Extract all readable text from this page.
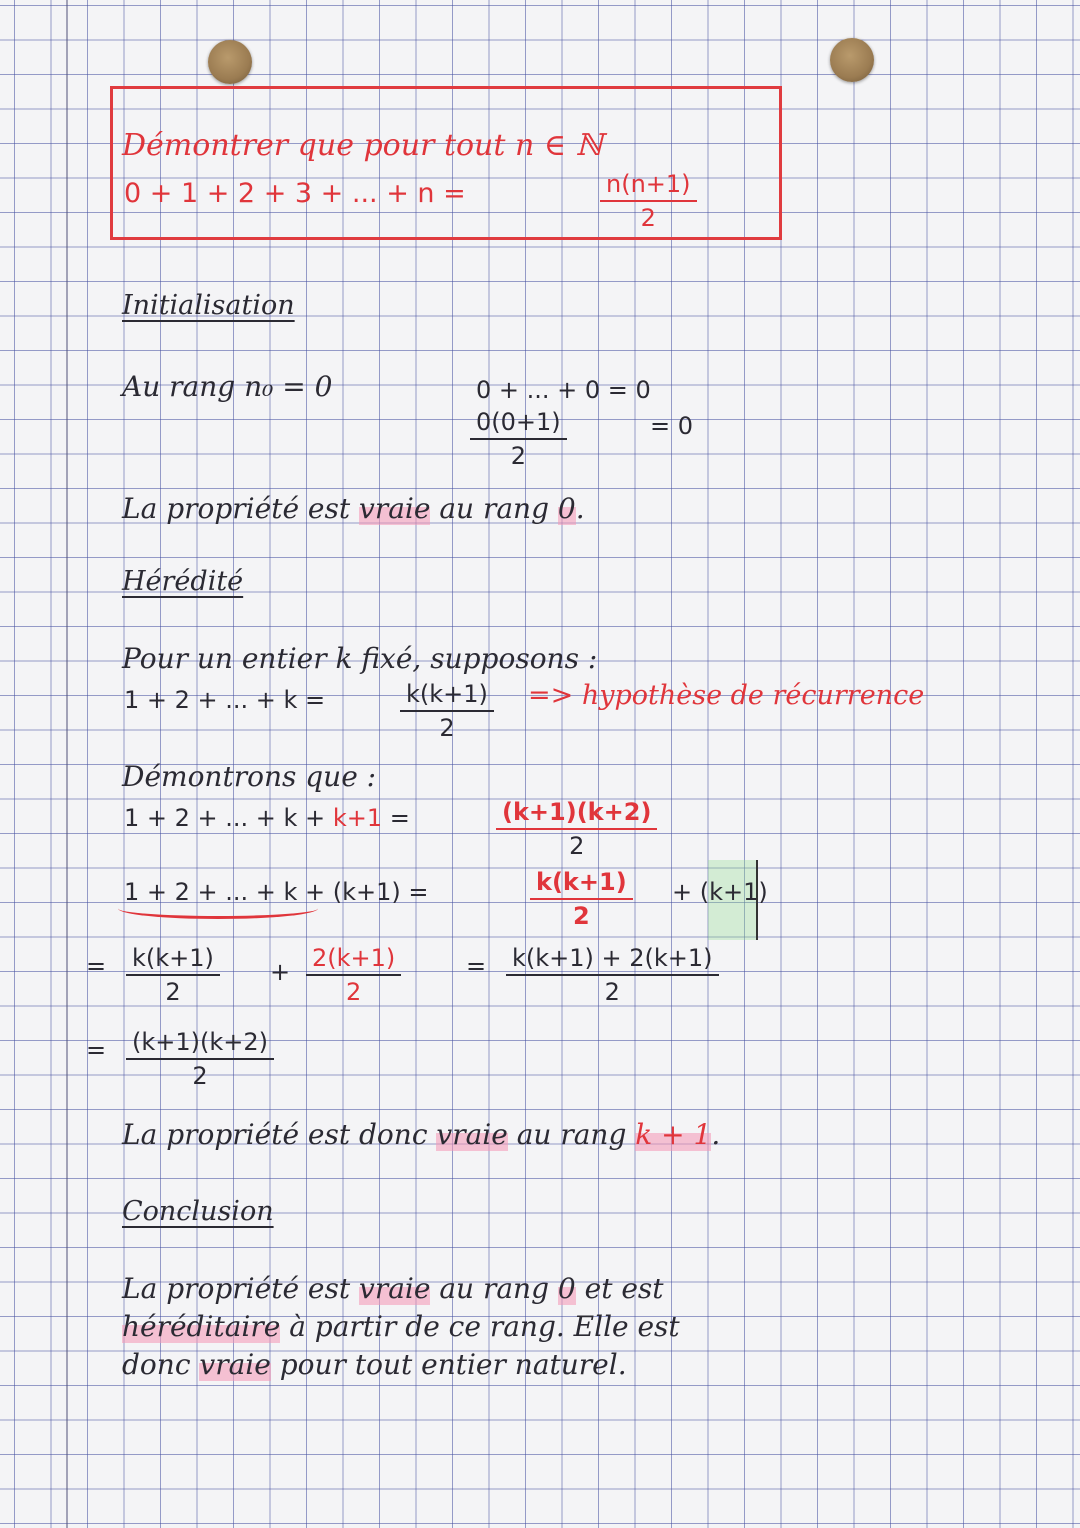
Démontrer que pour tout n ∈ ℕ
0 + 1 + 2 + 3 + ... + n =	$\frac{n(n+1)}{2}$
Initialisation
Au rang n₀ = 0	0 + ... + 0 = 0
$\frac{0(0+1)}{2}$	= 0
La propriété est vraie au rang 0.
Hérédité
Pour un entier k fixé, supposons :
1 + 2 + ... + k =	$\frac{k(k+1)}{2}$ => hypothèse de récurrence
Démontrons que :
1 + 2 + ... + k + k+1 =	$\frac{(k+1)(k+2)}{2}$
1 + 2 + ... + k + (k+1) =	$\frac{k(k+1)}{2} + (k+1)$
= $\frac{k(k+1)}{2} + \frac{2(k+1)}{2}$	= $\frac{k(k+1) + 2(k+1)}{2}$
= $\frac{(k+1)(k+2)}{2}$
La propriété est donc vraie au rang k + 1.
Conclusion
La propriété est vraie au rang 0 et est
héréditaire à partir de ce rang. Elle est
donc vraie pour tout entier naturel.
